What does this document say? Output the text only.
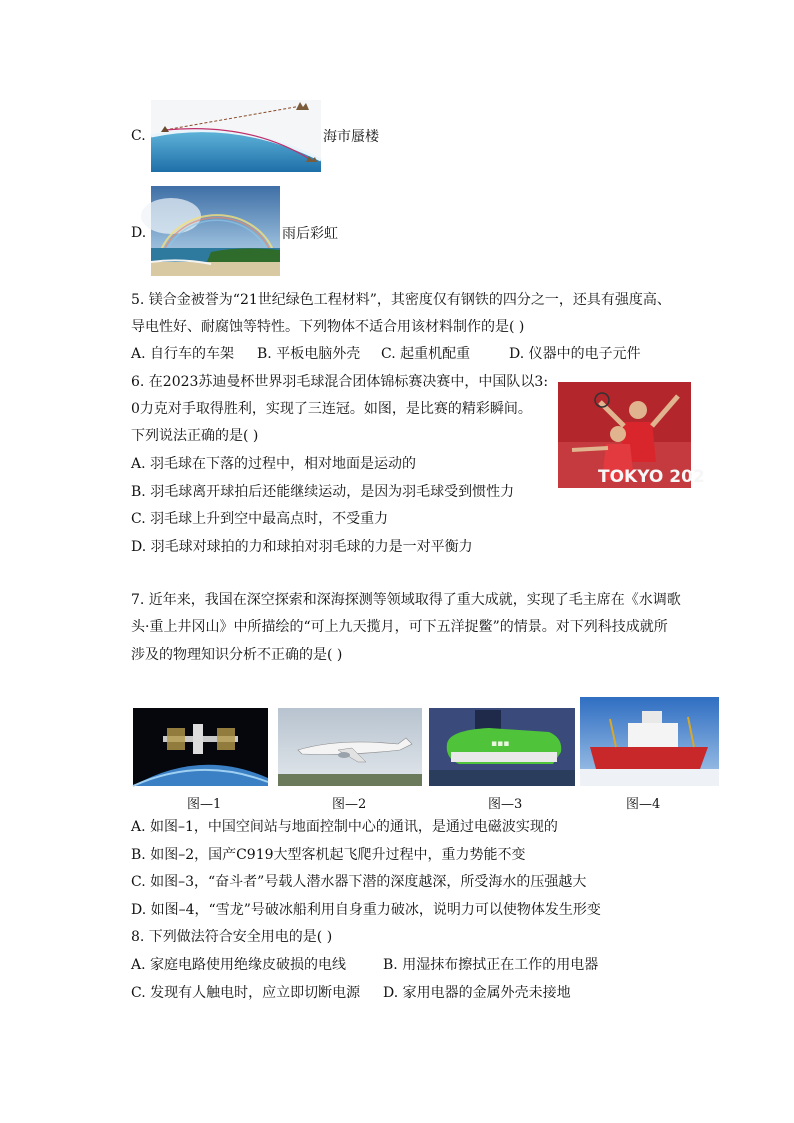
C.	海市蜃楼
D.	雨后彩虹
5. 镁合金被誉为“21世纪绿色工程材料”，其密度仅有钢铁的四分之一，还具有强度高、
导电性好、耐腐蚀等特性。下列物体不适合用该材料制作的是( )
A. 自行车的车架 B. 平板电脑外壳 C. 起重机配重	D. 仪器中的电子元件
6. 在2023苏迪曼杯世界羽毛球混合团体锦标赛决赛中，中国队以3:
0力克对手取得胜利，实现了三连冠。如图，是比赛的精彩瞬间。
下列说法正确的是( )
A. 羽毛球在下落的过程中，相对地面是运动的
B. 羽毛球离开球拍后还能继续运动，是因为羽毛球受到惯性力
C. 羽毛球上升到空中最高点时，不受重力
D. 羽毛球对球拍的力和球拍对羽毛球的力是一对平衡力
TOKYO 202
7. 近年来，我国在深空探索和深海探测等领域取得了重大成就，实现了毛主席在《水调歌
头·重上井冈山》中所描绘的“可上九天揽月，可下五洋捉鳖”的情景。对下列科技成就所
涉及的物理知识分析不正确的是( )
▪▪▪
图—1	图—2	图—3	图—4
A. 如图–1，中国空间站与地面控制中心的通讯，是通过电磁波实现的
B. 如图–2，国产C919大型客机起飞爬升过程中，重力势能不变
C. 如图–3，“奋斗者”号载人潜水器下潜的深度越深，所受海水的压强越大
D. 如图–4，“雪龙”号破冰船利用自身重力破冰，说明力可以使物体发生形变
8. 下列做法符合安全用电的是( )
A. 家庭电路使用绝缘皮破损的电线	B. 用湿抹布擦拭正在工作的用电器
C. 发现有人触电时，应立即切断电源 D. 家用电器的金属外壳未接地
